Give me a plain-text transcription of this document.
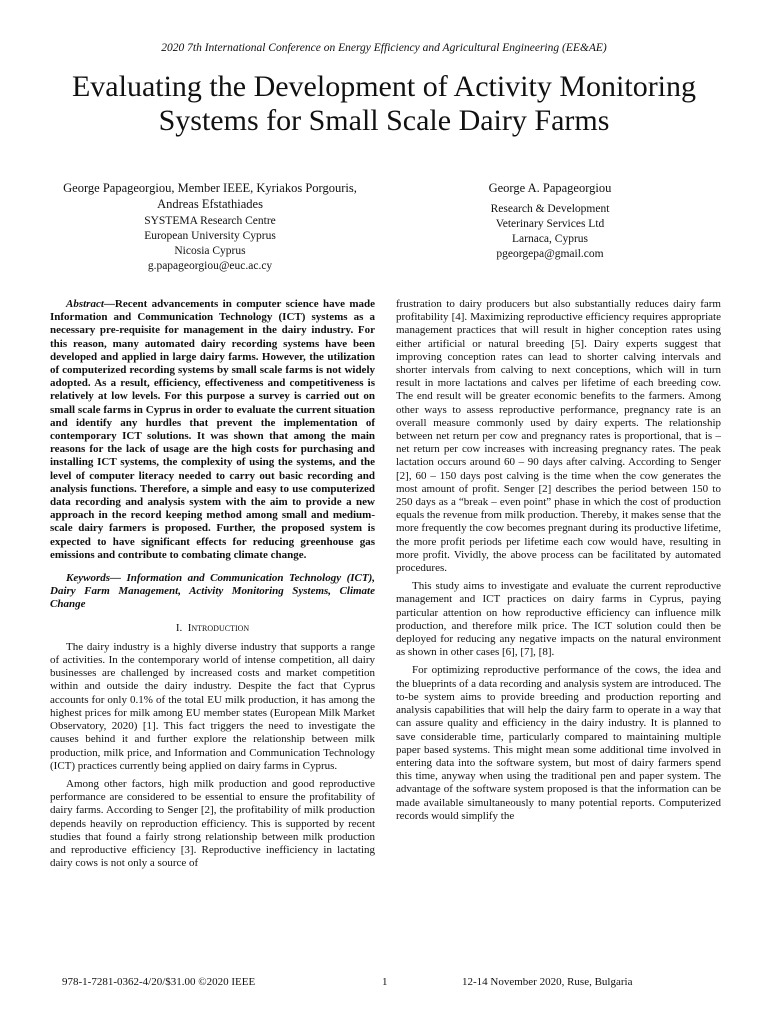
2020 7th International Conference on Energy Efficiency and Agricultural Engineering (EE&AE)
Evaluating the Development of Activity Monitoring Systems for Small Scale Dairy Farms
George Papageorgiou, Member IEEE, Kyriakos Porgouris, Andreas Efstathiades
SYSTEMA Research Centre
European University Cyprus
Nicosia Cyprus
g.papageorgiou@euc.ac.cy
George A. Papageorgiou
Research & Development
Veterinary Services Ltd
Larnaca, Cyprus
pgeorgepa@gmail.com

Abstract—Recent advancements in computer science have made Information and Communication Technology (ICT) systems as a necessary pre-requisite for management in the dairy industry. For this reason, many automated dairy recording systems have been developed and applied in large dairy farms. However, the utilization of computerized recording systems by small scale farms is not widely adopted. As a result, efficiency, effectiveness and competitiveness is relatively at low levels. For this purpose a survey is carried out on small scale farms in Cyprus in order to evaluate the current situation and identify any hurdles that prevent the implementation of contemporary ICT solutions. It was shown that among the main reasons for the lack of usage are the high costs for purchasing and installing ICT systems, the complexity of using the systems, and the level of computer literacy needed to carry out basic recording and analysis functions. Therefore, a simple and easy to use computerized data recording and analysis system with the aim to provide a new approach in the record keeping method among small and medium-scale dairy farmers is proposed. Further, the proposed system is expected to have significant effects for reducing greenhouse gas emissions and contribute to combating climate change.

Keywords— Information and Communication Technology (ICT), Dairy Farm Management, Activity Monitoring Systems, Climate Change

I. Introduction

The dairy industry is a highly diverse industry that supports a range of activities. In the contemporary world of intense competition, all dairy businesses are challenged by increased costs and market competition within and outside the dairy industry. Despite the fact that Cyprus accounts for only 0.1% of the total EU milk production, it has among the highest prices for milk among EU member states (European Milk Market Observatory, 2020) [1]. This fact triggers the need to investigate the causes behind it and further explore the relationship between milk production, milk price, and Information and Communication Technology (ICT) practices currently being applied on dairy farms in Cyprus.

Among other factors, high milk production and good reproductive performance are considered to be essential to ensure the profitability of dairy farms. According to Senger [2], the profitability of milk production depends heavily on reproduction efficiency. This is supported by recent studies that found a fairly strong relationship between milk production and reproductive efficiency [3]. Reproductive inefficiency in lactating dairy cows is not only a source of

frustration to dairy producers but also substantially reduces dairy farm profitability [4]. Maximizing reproductive efficiency requires appropriate management practices that will result in higher conception rates using either artificial or natural breeding [5]. Dairy experts suggest that improving conception rates can lead to shorter calving intervals and shorter intervals from calving to next conceptions, which will in turn result in more lactations and calves per lifetime of each breeding cow. The end result will be greater economic benefits to the farmers. Among other ways to assess reproductive performance, pregnancy rate is an overall measure commonly used by dairy experts. The relationship between net return per cow and pregnancy rates is proportional, that is – net return per cow increases with increasing pregnancy rates. The peak lactation occurs around 60 – 90 days after calving. According to Senger [2], 60 – 150 days post calving is the time when the cow generates the most amount of profit. Senger [2] describes the period between 150 to 250 days as a “break – even point” phase in which the cost of production equals the revenue from milk production. Thereby, it makes sense that the more frequently the cow becomes pregnant during its productive lifetime, the more profit periods per lifetime each cow would have, resulting in more profit. Vividly, the above process can be facilitated by automated procedures.

This study aims to investigate and evaluate the current reproductive management and ICT practices on dairy farms in Cyprus, paying particular attention on how reproductive efficiency can influence milk production, and therefore milk price. The ICT solution could then be deployed for reducing any negative impacts on the natural environment as shown in other cases [6], [7], [8].

For optimizing reproductive performance of the cows, the idea and the blueprints of a data recording and analysis system are introduced. The to-be system aims to provide breeding and production reporting and analysis capabilities that will help the dairy farm to operate in a way that can assure quality and efficiency in the dairy industry. It is planned to save considerable time, particularly compared to maintaining multiple paper based systems. This might mean some additional time involved in entering data into the software system, but most of dairy farmers spend this time, anyway when using the traditional pen and paper system. The advantage of the software system proposed is that the information can be made available simultaneously to many potential reports. Computerized records would simplify the

978-1-7281-0362-4/20/$31.00 ©2020 IEEE	1	12-14 November 2020, Ruse, Bulgaria
